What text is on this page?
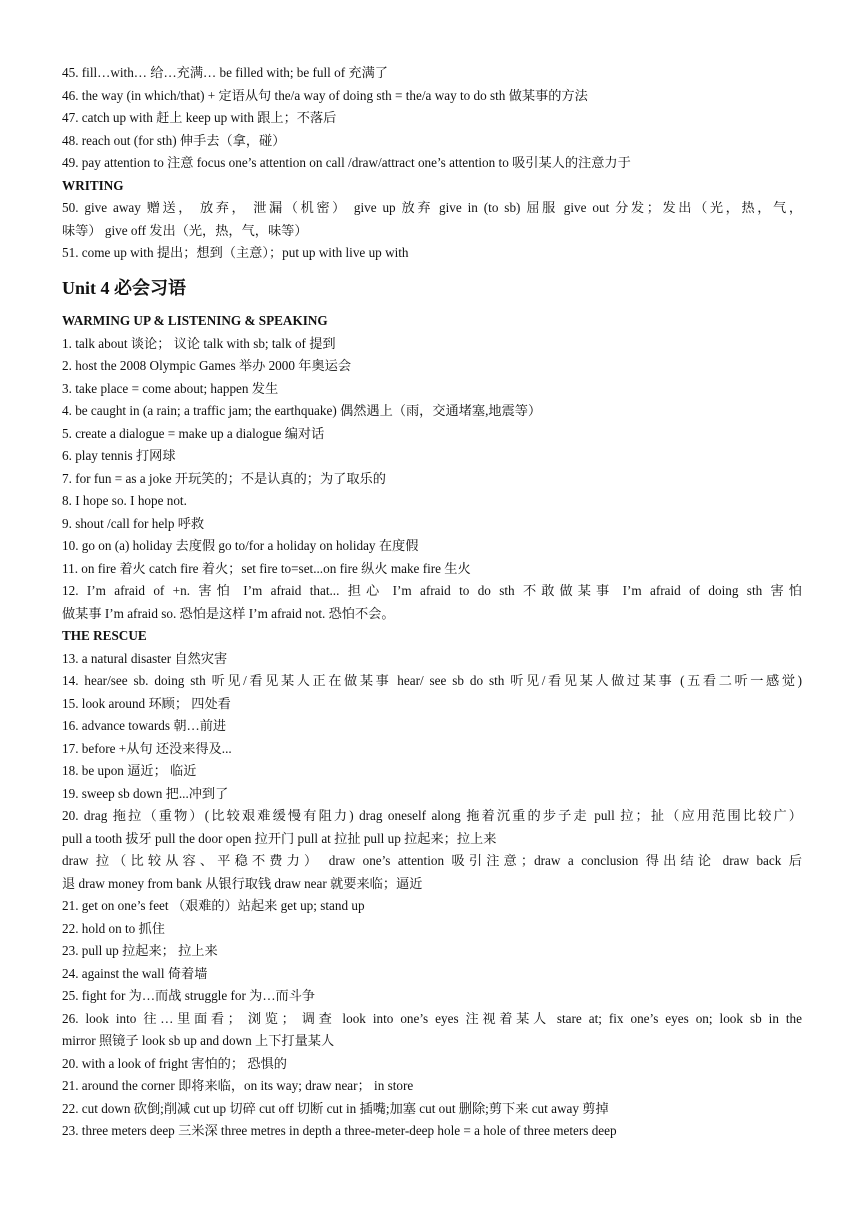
45. fill…with… 给…充满… be filled with; be full of 充满了
46. the way (in which/that) + 定语从句 the/a way of doing sth = the/a way to do sth 做某事的方法
47. catch up with 赶上 keep up with 跟上；不落后
48. reach out (for sth) 伸手去（拿，碰）
49. pay attention to 注意 focus one’s attention on call /draw/attract one’s attention to 吸引某人的注意力于
WRITING
50. give away 赠送， 放弃， 泄漏（机密） give up 放弃 give in (to sb) 屈服 give out 分发；发出（光，热，气，
味等） give off 发出（光，热，气，味等）
51. come up with 提出；想到（主意）；put up with live up with
Unit 4 必会习语
WARMING UP & LISTENING & SPEAKING
1. talk about 谈论； 议论 talk with sb; talk of 提到
2. host the 2008 Olympic Games 举办 2000 年奥运会
3. take place = come about; happen 发生
4. be caught in (a rain; a traffic jam; the earthquake) 偶然遇上（雨，交通堵塞,地震等）
5. create a dialogue = make up a dialogue 编对话
6. play tennis 打网球
7. for fun = as a joke 开玩笑的；不是认真的；为了取乐的
8. I hope so. I hope not.
9. shout /call for help 呼救
10. go on (a) holiday 去度假 go to/for a holiday on holiday 在度假
11. on fire 着火 catch fire 着火；set fire to=set...on fire 纵火 make fire 生火
12. I’m afraid of +n. 害怕 I’m afraid that... 担心 I’m afraid to do sth 不敢做某事 I’m afraid of doing sth 害怕
做某事 I’m afraid so. 恐怕是这样 I’m afraid not. 恐怕不会。
THE RESCUE
13. a natural disaster 自然灾害
14. hear/see sb. doing sth 听见/看见某人正在做某事 hear/ see sb do sth 听见/看见某人做过某事 (五看二听一感觉)
15. look around 环顾； 四处看
16. advance towards 朝…前进
17. before +从句 还没来得及...
18. be upon 逼近； 临近
19. sweep sb down 把...冲到了
20. drag 拖拉（重物）(比较艰难缓慢有阻力) drag oneself along 拖着沉重的步子走 pull 拉；扯（应用范围比较广）
pull a tooth 拔牙 pull the door open 拉开门 pull at 拉扯 pull up 拉起来；拉上来
draw 拉（比较从容、平稳不费力） draw one’s attention 吸引注意；draw a conclusion 得出结论 draw back 后
退 draw money from bank 从银行取钱 draw near 就要来临；逼近
21. get on one’s feet （艰难的）站起来 get up; stand up
22. hold on to 抓住
23. pull up 拉起来； 拉上来
24. against the wall 倚着墙
25. fight for 为…而战 struggle for 为…而斗争
26. look into 往…里面看； 浏览； 调查 look into one’s eyes 注视着某人 stare at; fix one’s eyes on; look sb in the
mirror 照镜子 look sb up and down 上下打量某人
20. with a look of fright 害怕的； 恐惧的
21. around the corner 即将来临，on its way; draw near； in store
22. cut down 砍倒;削减 cut up 切碎 cut off 切断 cut in 插嘴;加塞 cut out 删除;剪下来 cut away 剪掉
23. three meters deep 三米深 three metres in depth a three-meter-deep hole = a hole of three meters deep
